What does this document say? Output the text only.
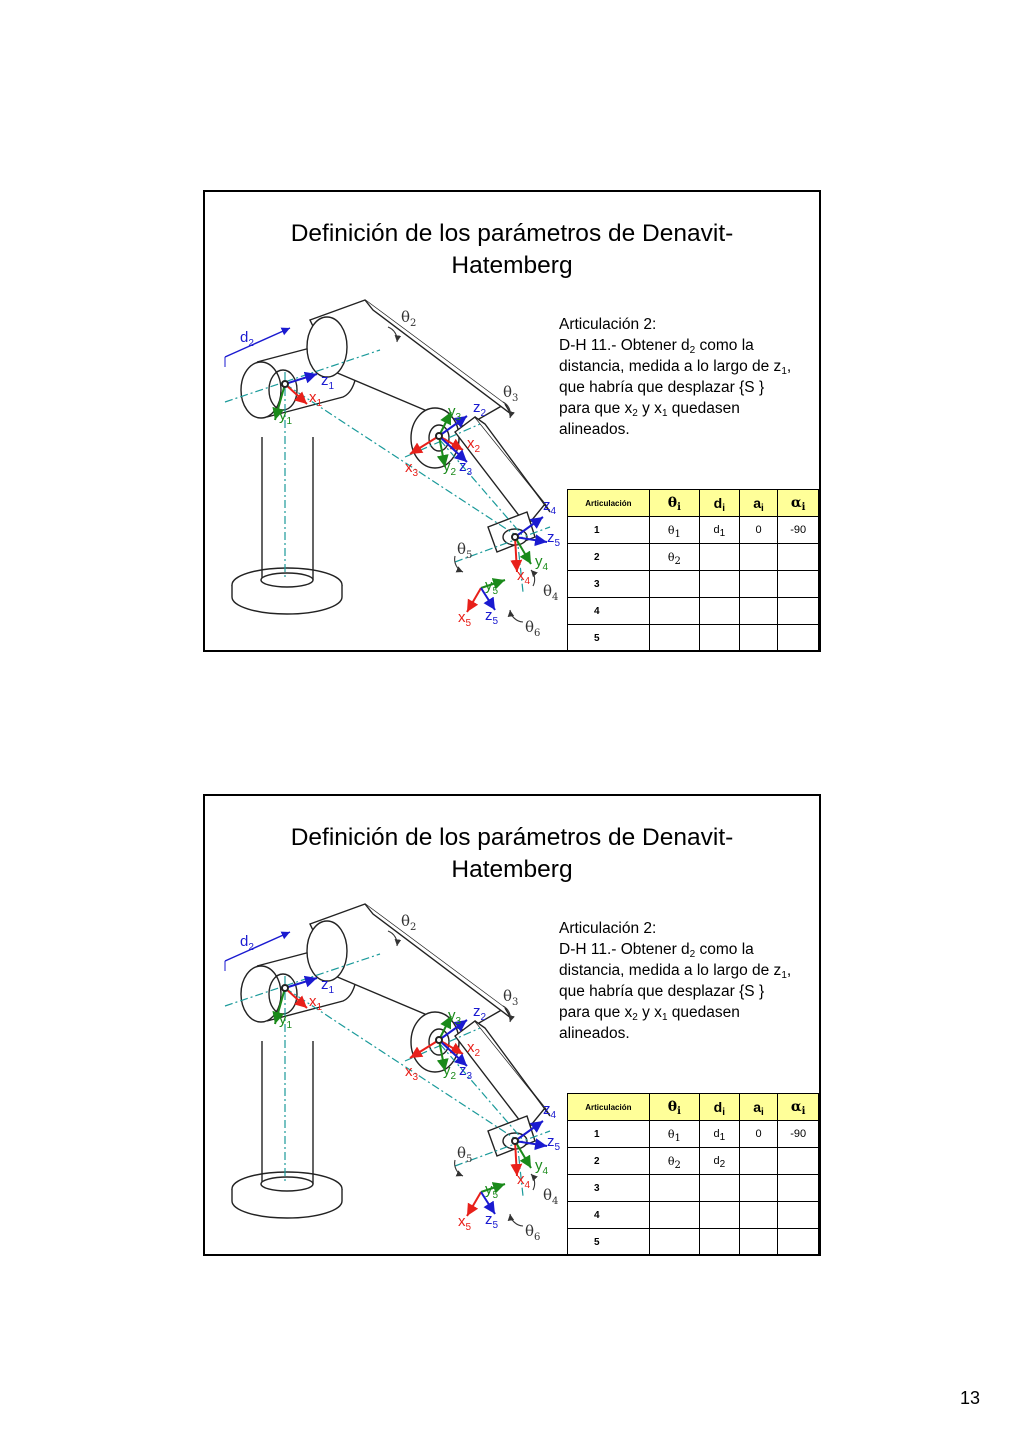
Definición de los parámetros de Denavit-
Hatemberg
$d_2$
$\theta_2$
$z_1$
$x_1$
$y_1$
$\theta_3$
$z_2$
$y_3$
$x_2$
$x_3$ $y_2$ $z_3$
$z_4$
$z_5$
$\theta_5$	$y_4$
$x_4$
$y_5$	$\theta_4$
$x_5$ $z_5$ $\theta_6$
Articulación 2:
D-H 11.- Obtener $d_2$ como la
distancia, medida a lo largo de $z_1$,
que habría que desplazar {S }
para que $x_2$ y $x_1$ quedasen
alineados.
Articulación	$\theta_i$	$d_i$	$a_i$	$\alpha_i$
1	$\theta_1$	$d_1$	0	-90
2	$\theta_2$			
3				
4				
5				
Definición de los parámetros de Denavit-
Hatemberg
$d_2$
$\theta_2$
$z_1$
$x_1$
$y_1$
$\theta_3$
$z_2$
$y_3$
$x_2$
$x_3$ $y_2$ $z_3$
$z_4$
$z_5$
$\theta_5$	$y_4$
$x_4$
$y_5$	$\theta_4$
$x_5$ $z_5$ $\theta_6$
Articulación 2:
D-H 11.- Obtener $d_2$ como la
distancia, medida a lo largo de $z_1$,
que habría que desplazar {S }
para que $x_2$ y $x_1$ quedasen
alineados.
Articulación	$\theta_i$	$d_i$	$a_i$	$\alpha_i$
1	$\theta_1$	$d_1$	0	-90
2	$\theta_2$	$d_2$		
3				
4				
5				
13
